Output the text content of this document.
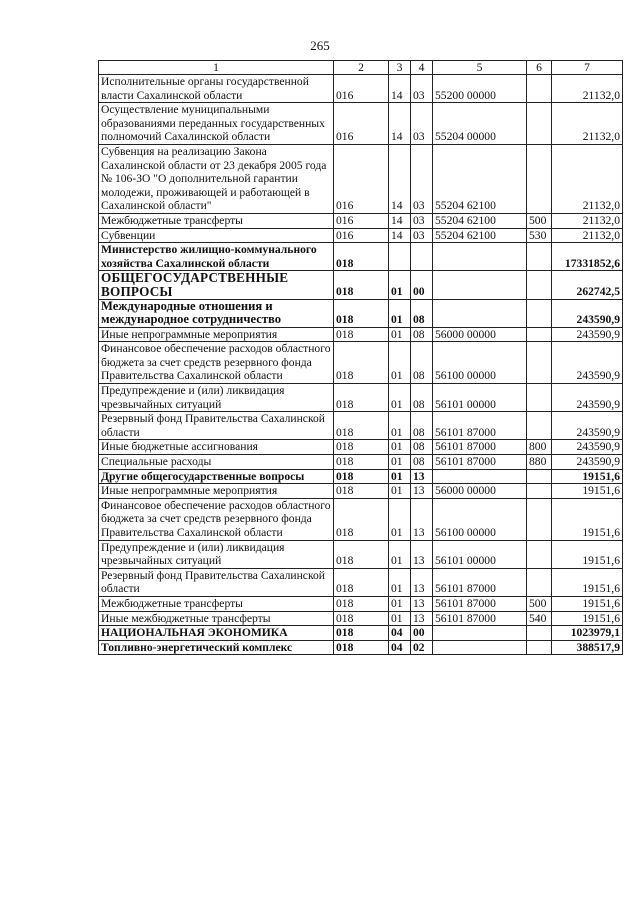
265
1	2	3	4	5	6	7
Исполнительные органы государственной власти Сахалинской области	016	14	03	55200 00000		21132,0
Осуществление муниципальными образованиями переданных государственных полномочий Сахалинской области	016	14	03	55204 00000		21132,0
Субвенция на реализацию Закона Сахалинской области от 23 декабря 2005 года № 106-ЗО "О дополнительной гарантии молодежи, проживающей и работающей в Сахалинской области"	016	14	03	55204 62100		21132,0
Межбюджетные трансферты	016	14	03	55204 62100	500	21132,0
Субвенции	016	14	03	55204 62100	530	21132,0
Министерство жилищно-коммунального хозяйства Сахалинской области	018					17331852,6
ОБЩЕГОСУДАРСТВЕННЫЕ ВОПРОСЫ	018	01	00			262742,5
Международные отношения и международное сотрудничество	018	01	08			243590,9
Иные непрограммные мероприятия	018	01	08	56000 00000		243590,9
Финансовое обеспечение расходов областного бюджета за счет средств резервного фонда Правительства Сахалинской области	018	01	08	56100 00000		243590,9
Предупреждение и (или) ликвидация чрезвычайных ситуаций	018	01	08	56101 00000		243590,9
Резервный фонд Правительства Сахалинской области	018	01	08	56101 87000		243590,9
Иные бюджетные ассигнования	018	01	08	56101 87000	800	243590,9
Специальные расходы	018	01	08	56101 87000	880	243590,9
Другие общегосударственные вопросы	018	01	13			19151,6
Иные непрограммные мероприятия	018	01	13	56000 00000		19151,6
Финансовое обеспечение расходов областного бюджета за счет средств резервного фонда Правительства Сахалинской области	018	01	13	56100 00000		19151,6
Предупреждение и (или) ликвидация чрезвычайных ситуаций	018	01	13	56101 00000		19151,6
Резервный фонд Правительства Сахалинской области	018	01	13	56101 87000		19151,6
Межбюджетные трансферты	018	01	13	56101 87000	500	19151,6
Иные межбюджетные трансферты	018	01	13	56101 87000	540	19151,6
НАЦИОНАЛЬНАЯ ЭКОНОМИКА	018	04	00			1023979,1
Топливно-энергетический комплекс	018	04	02			388517,9
